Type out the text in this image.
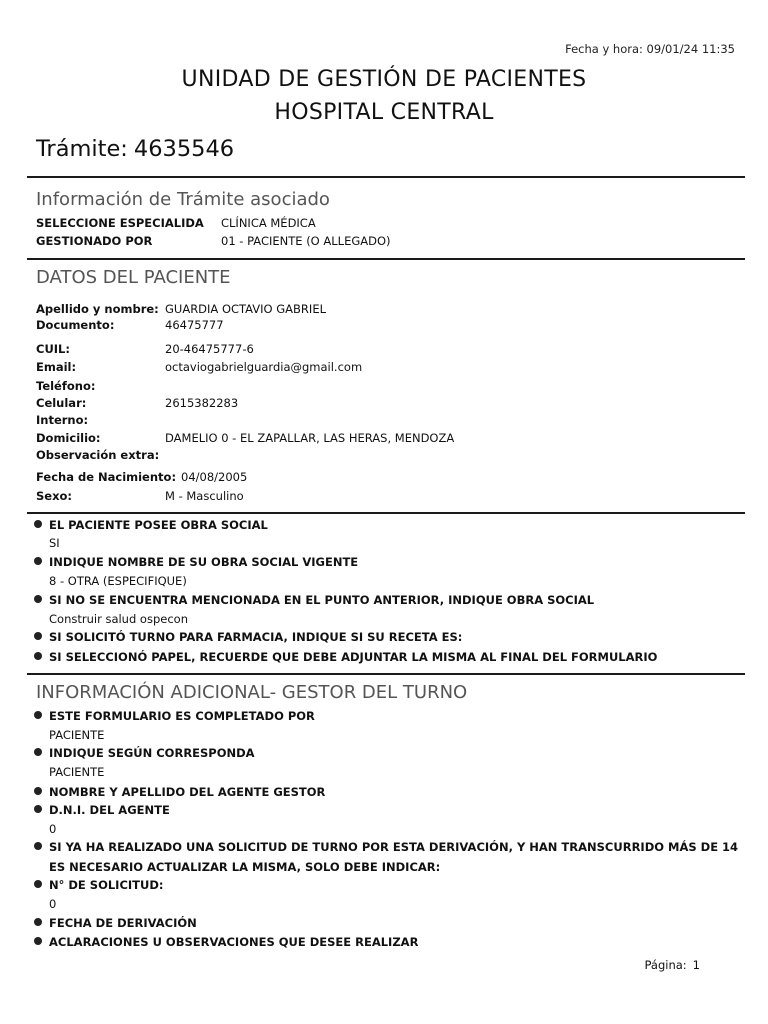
Fecha y hora: 09/01/24 11:35
UNIDAD DE GESTIÓN DE PACIENTES
HOSPITAL CENTRAL
Trámite: 4635546
Información de Trámite asociado
SELECCIONE ESPECIALIDA CLÍNICA MÉDICA
GESTIONADO POR	01 - PACIENTE (O ALLEGADO)
DATOS DEL PACIENTE
Apellido y nombre: GUARDIA OCTAVIO GABRIEL
Documento:	46475777
CUIL:	20-46475777-6
Email:	octaviogabrielguardia@gmail.com
Teléfono:
Celular:	2615382283
Interno:
Domicilio:	DAMELIO 0 - EL ZAPALLAR, LAS HERAS, MENDOZA
Observación extra:
Fecha de Nacimiento: 04/08/2005
Sexo:	M - Masculino
EL PACIENTE POSEE OBRA SOCIAL
SI
INDIQUE NOMBRE DE SU OBRA SOCIAL VIGENTE
8 - OTRA (ESPECIFIQUE)
SI NO SE ENCUENTRA MENCIONADA EN EL PUNTO ANTERIOR, INDIQUE OBRA SOCIAL
Construir salud ospecon
SI SOLICITÓ TURNO PARA FARMACIA, INDIQUE SI SU RECETA ES:
SI SELECCIONÓ PAPEL, RECUERDE QUE DEBE ADJUNTAR LA MISMA AL FINAL DEL FORMULARIO
INFORMACIÓN ADICIONAL- GESTOR DEL TURNO
ESTE FORMULARIO ES COMPLETADO POR
PACIENTE
INDIQUE SEGÚN CORRESPONDA
PACIENTE
NOMBRE Y APELLIDO DEL AGENTE GESTOR
D.N.I. DEL AGENTE
0
SI YA HA REALIZADO UNA SOLICITUD DE TURNO POR ESTA DERIVACIÓN, Y HAN TRANSCURRIDO MÁS DE 14
ES NECESARIO ACTUALIZAR LA MISMA, SOLO DEBE INDICAR:
N° DE SOLICITUD:
0
FECHA DE DERIVACIÓN
ACLARACIONES U OBSERVACIONES QUE DESEE REALIZAR
Página: 1
